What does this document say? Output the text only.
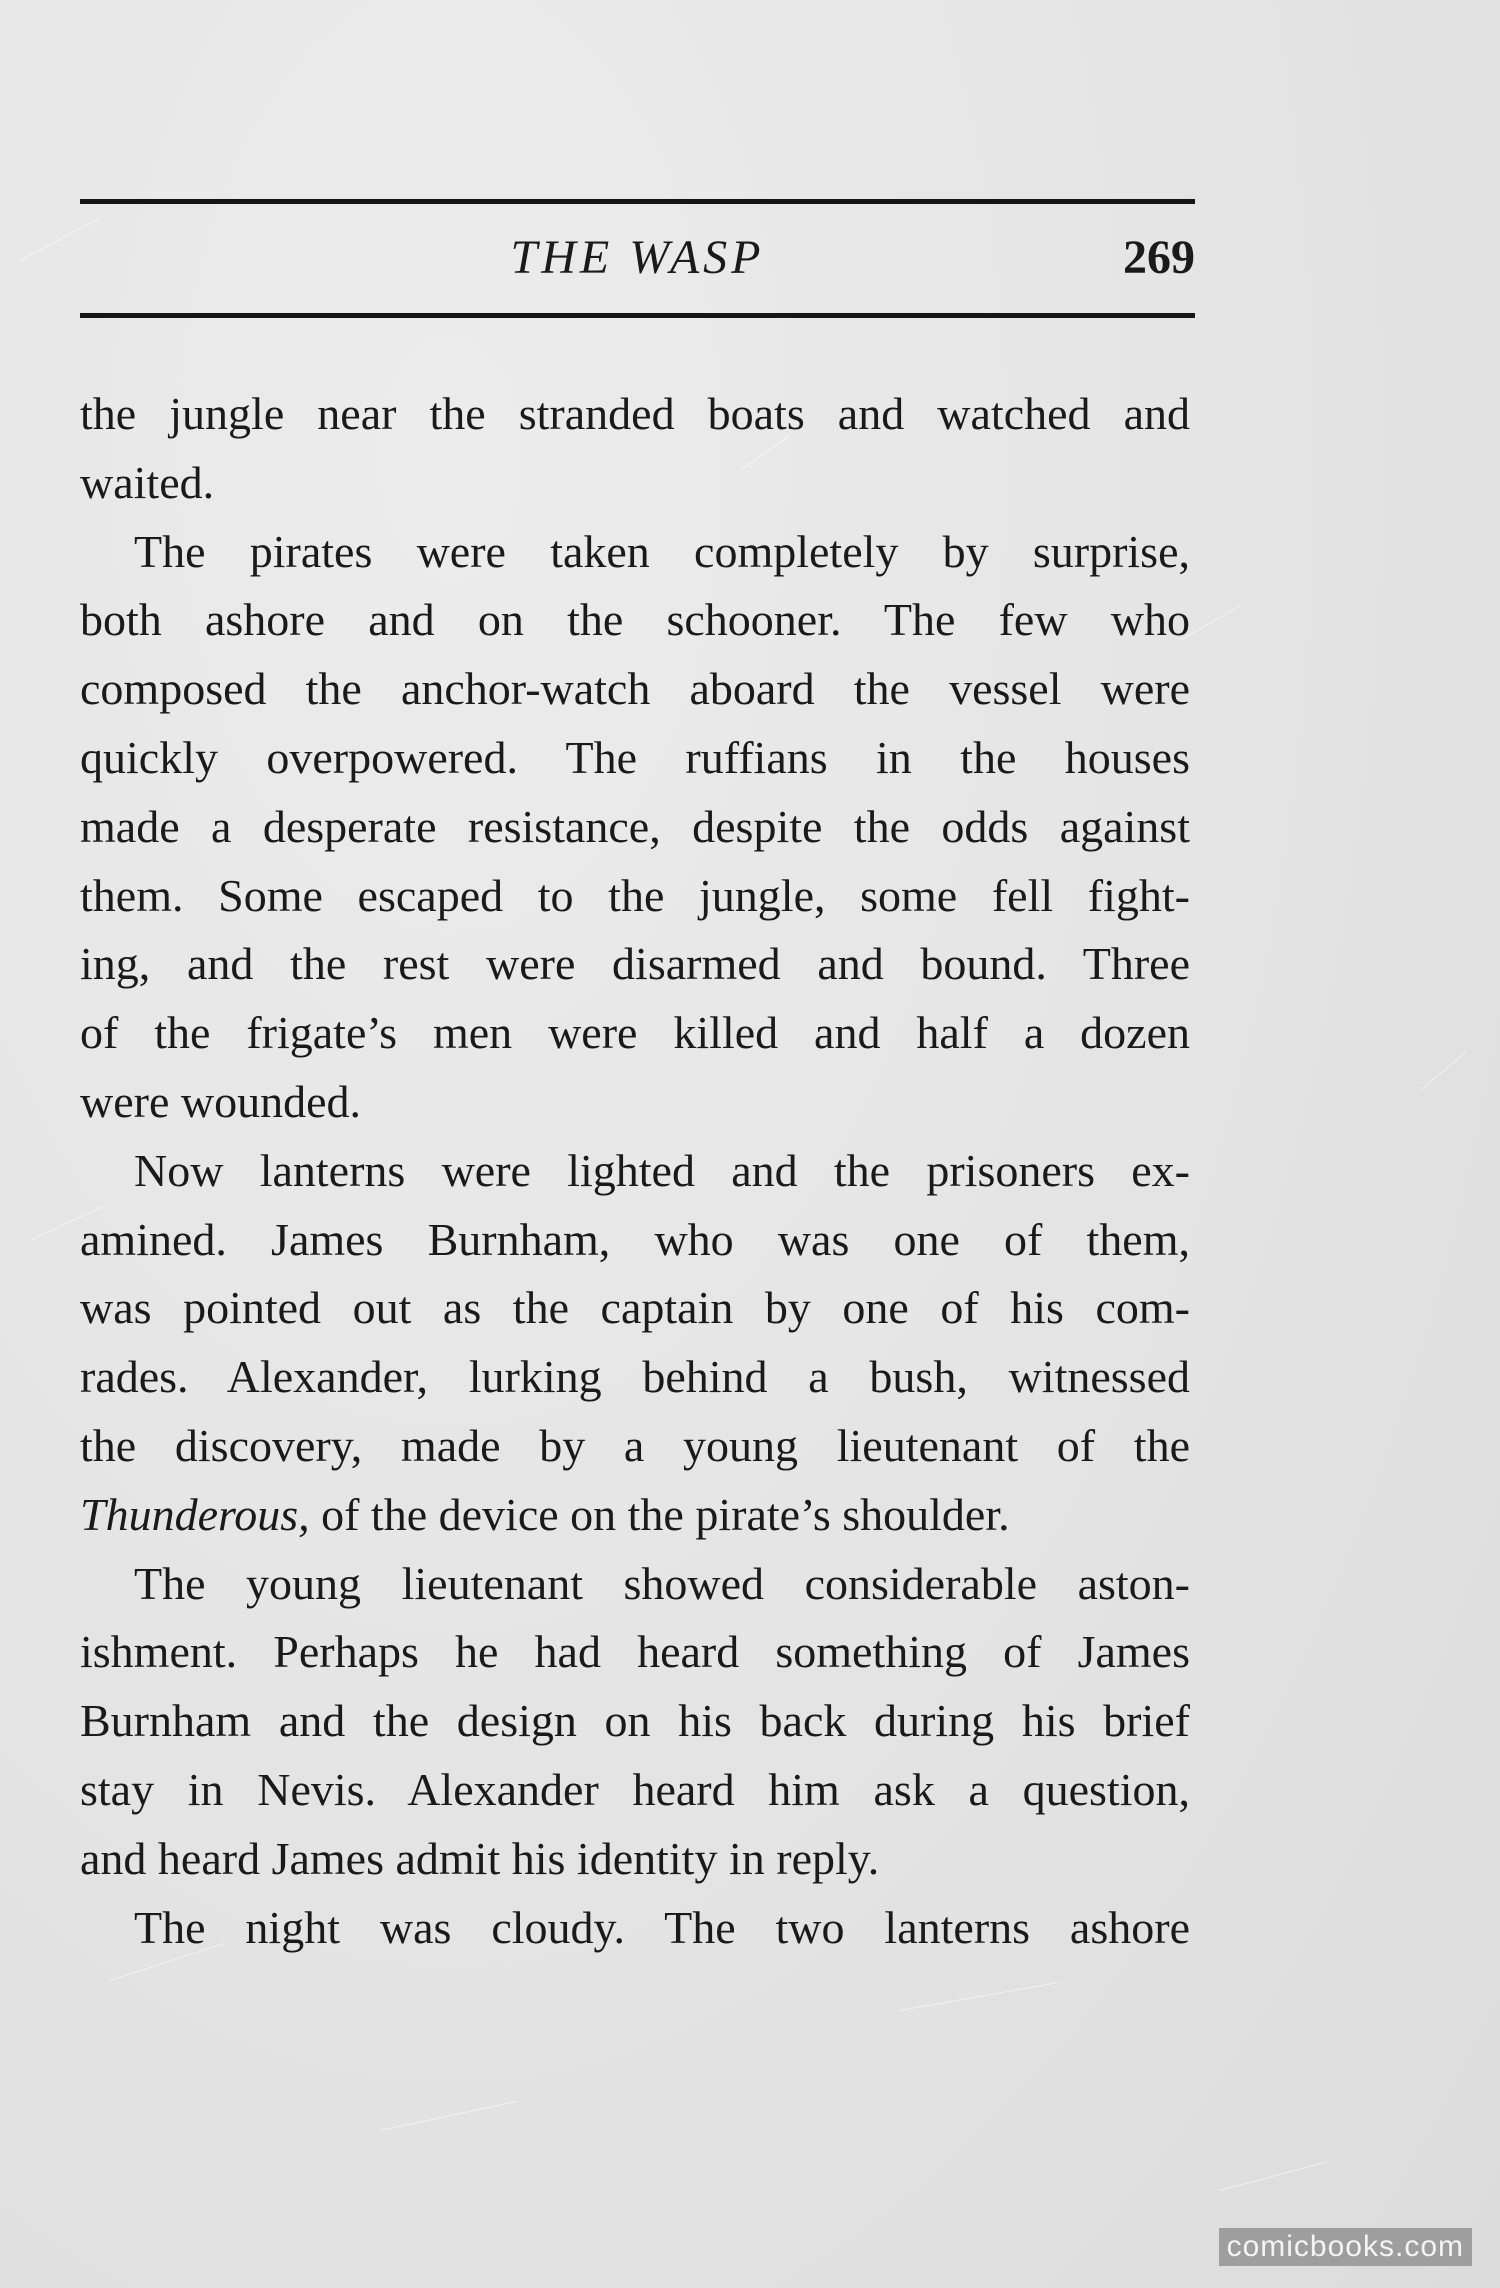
THE WASP	269
the jungle near the stranded boats and watched and
waited.
The pirates were taken completely by surprise,
both ashore and on the schooner. The few who
composed the anchor-watch aboard the vessel were
quickly overpowered. The ruffians in the houses
made a desperate resistance, despite the odds against
them. Some escaped to the jungle, some fell fight-
ing, and the rest were disarmed and bound. Three
of the frigate’s men were killed and half a dozen
were wounded.
Now lanterns were lighted and the prisoners ex-
amined. James Burnham, who was one of them,
was pointed out as the captain by one of his com-
rades. Alexander, lurking behind a bush, witnessed
the discovery, made by a young lieutenant of the
Thunderous, of the device on the pirate’s shoulder.
The young lieutenant showed considerable aston-
ishment. Perhaps he had heard something of James
Burnham and the design on his back during his brief
stay in Nevis. Alexander heard him ask a question,
and heard James admit his identity in reply.
The night was cloudy. The two lanterns ashore
comicbooks.com
